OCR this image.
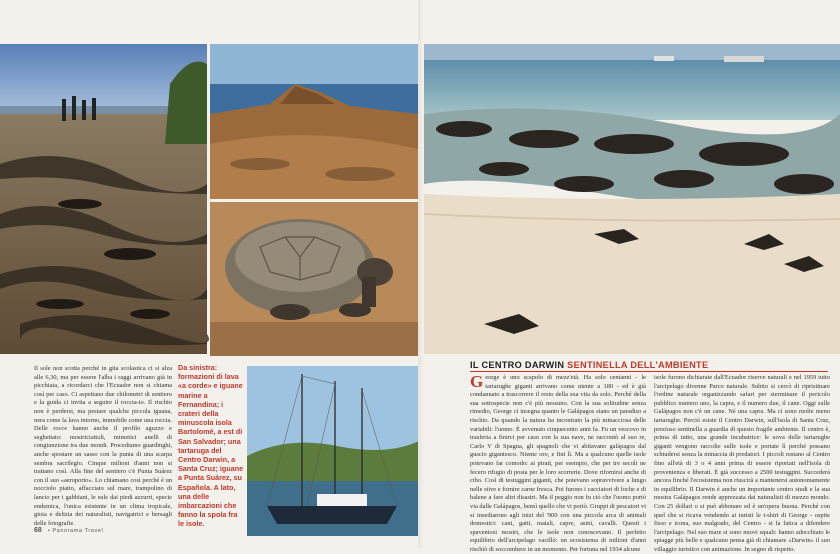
Il sole non scotta perché in gita scolastica ci si alza alle 6,30, ma per essere l'alba i raggi arrivano già in picchiata, a ricordarci che l'Ecuador non si chiama così per caso. Ci aspettano due chilometri di sentiero e la guida ci invita a seguire il roccia-io. Il rischio non è perdersi, ma pestare qualche piccola iguana, nera come la lava intorno, immobile come una roccia. Delle rocce hanno anche il profilo aguzzo e seghettato: mostriciattoli, mimetici anelli di congiunzione tra due mondi. Procediamo guardinghi, anche spostare un sasso con la punta di una scarpa sembra sacrilegio. Cinque milioni d'anni non si trattano così. Alla fine del sentiero c'è Punta Suárez con il suo «aeroporto». Lo chiamano così perché è un nocciolo piatto, affacciato sul mare, trampolino di lancio per i gabbiani, le sule dai piedi azzurri, specie endemica, l'unica esistente in un clima tropicale, gioia e delizia dei naturalisti, navigatrici e bersagli delle fotografie.

Da sinistra: formazioni di lava «a corde» e iguane marine a Fernandina; i crateri della minuscola isola Bartolomé, a est di San Salvador; una tartaruga del Centro Darwin, a Santa Cruz; iguane a Punta Suárez, su Española. A lato, una delle imbarcazioni che fanno la spola fra le isole.

IL CENTRO DARWIN SENTINELLA DELL'AMBIENTE
G eorge è uno scapolo di mezz'età. Ha solo centanni - le tartarughe giganti arrivano come niente a 180 - ed è già condannato a trascorrere il resto della sua vita da solo. Perché della sua sottospecie non c'è più nessuno. Con la sua solitudine senza rimedio, George ci insegna quanto le Galápagos siano un paradiso a rischio. Da quando la natura ha incontrato la più minacciosa delle variabili: l'uomo. È avvenuto cinquecento anni fa. Fu un vescovo in trasferta a finirci per caso con la sua nave, ne raccontò al suo re, Carlo V di Spagna, gli spagnoli che vi abitavano galápagos dal guscio gigantesco. Niente oro, e fini lì. Ma a qualcuno quelle isole potevano far comodo: ai pirati, per esempio, che per tre secoli ne fecero rifugio di posta per le loro scorrerie. Dove rifornirsi anche di cibo. Così di testuggini giganti, che potevano sopravvivere a lungo nelle stive e fornire carne fresca. Poi furono i cacciatori di foche e di balene a fare altri disastri. Ma il peggio non fu ciò che l'uomo portò via dalle Galápagos, bensì quello che vi portò. Gruppi di pescatori vi si insediarono agli inizi del '900 con una piccola arca di animali domestici: cani, gatti, maiali, capre, asini, cavalli. Questi i spaventosi mostri, che le isole non conoscevano. Il perfetto equilibrio dell'arcipelago vacillò: un ecosistema di milioni d'anni rischiò di soccombere in un momento. Per fortuna nel 1934 alcune

isole furono dichiarate dall'Ecuador riserve naturali e nel 1959 tutto l'arcipelago divenne Parco naturale. Subito si cercò di ripristinare l'ordine naturale organizzando safari per sterminare il pericolo pubblico numero uno, la capra, e il numero due, il cane. Oggi sulle Galápagos non c'è un cane. Né una capra. Ma ci sono molte meno tartarughe. Perciò esiste il Centro Darwin, sull'isola di Santa Cruz, prezioso sentinella a guardia di questo fragile ambiente. Il centro è, prima di tutto, una grande incubatrice: le uova delle tartarughe giganti vengono raccolte sulle isole e portate lì perché possano schiudersi senza la minaccia di predatori. I piccoli restano al Centro fino all'età di 3 o 4 anni prima di essere riportati nell'isola di provenienza e liberati. È già successo a 2500 testuggini. Succederà ancora finché l'ecosistema non riuscirà a mantenersi autonomamente in equilibrio. Il Darwin è anche un importante centro studi e la sua mostra Galápagos rende apprezzata dai naturalisti di mezzo mondo. Con 25 dollari o si può abbonare ed è un'opera buona. Perché con quel che si ricava vendendo ai turisti le t-shirt di George - ospite fisso e icona, suo malgrado, del Centro - si fa fatica a difendere l'arcipelago. Nel suo mare si sono nuovi squali: hanno adocchiato le spiagge più belle e qualcuno pensa già di chiamare «Darwin» il suo villaggio turistico con animazione. In segno di rispetto.

68 • Panorama Travel
